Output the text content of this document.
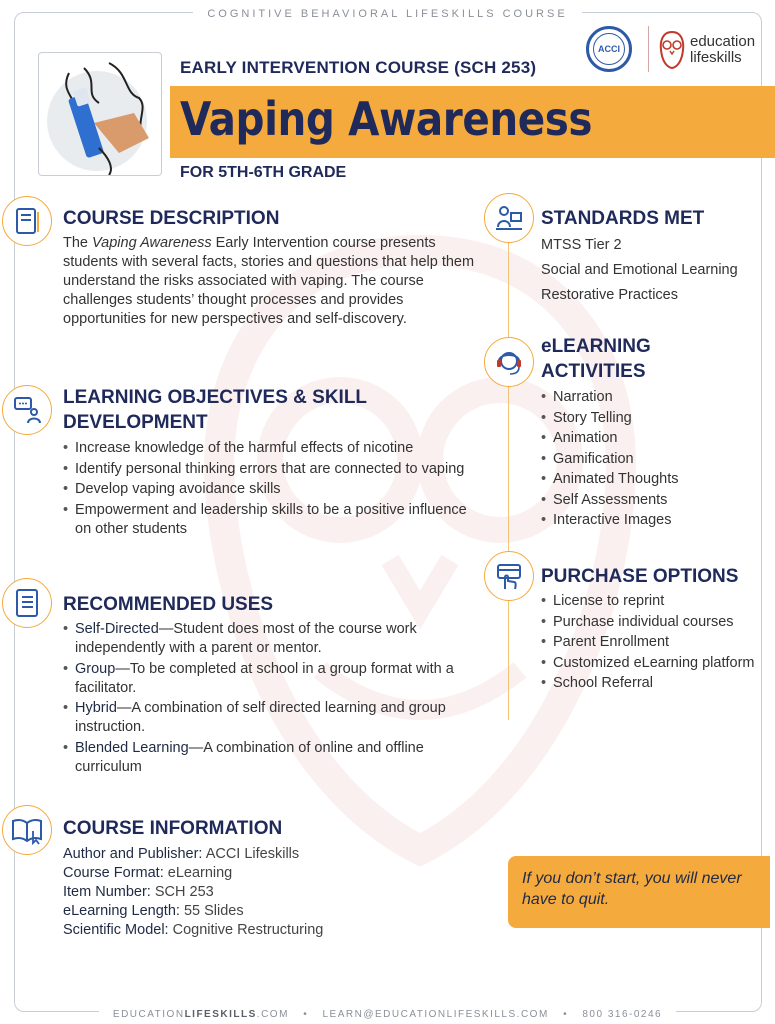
COGNITIVE BEHAVIORAL LIFESKILLS COURSE
EARLY INTERVENTION COURSE (SCH 253)
Vaping Awareness
FOR 5TH-6TH GRADE
ACCI	education
lifeskills
COURSE DESCRIPTION
The Vaping Awareness Early Intervention course presents students with several facts, stories and questions that help them understand the risks associated with vaping. The course challenges students’ thought processes and provides opportunities for new perspectives and self-discovery.
LEARNING OBJECTIVES & SKILL
DEVELOPMENT
• Increase knowledge of the harmful effects of nicotine
• Identify personal thinking errors that are connected to vaping
• Develop vaping avoidance skills
• Empowerment and leadership skills to be a positive influence on other students
RECOMMENDED USES
• Self-Directed—Student does most of the course work independently with a parent or mentor.
• Group—To be completed at school in a group format with a facilitator.
• Hybrid—A combination of self directed learning and group instruction.
• Blended Learning—A combination of online and offline curriculum
COURSE INFORMATION
Author and Publisher: ACCI Lifeskills
Course Format: eLearning
Item Number: SCH 253
eLearning Length: 55 Slides
Scientific Model: Cognitive Restructuring
STANDARDS MET
MTSS Tier 2
Social and Emotional Learning
Restorative Practices
eLEARNING
ACTIVITIES
• Narration
• Story Telling
• Animation
• Gamification
• Animated Thoughts
• Self Assessments
• Interactive Images
PURCHASE OPTIONS
• License to reprint
• Purchase individual courses
• Parent Enrollment
• Customized eLearning platform
• School Referral
If you don’t start, you will never have to quit.
EDUCATIONLIFESKILLS.COM • LEARN@EDUCATIONLIFESKILLS.COM • 800 316-0246
